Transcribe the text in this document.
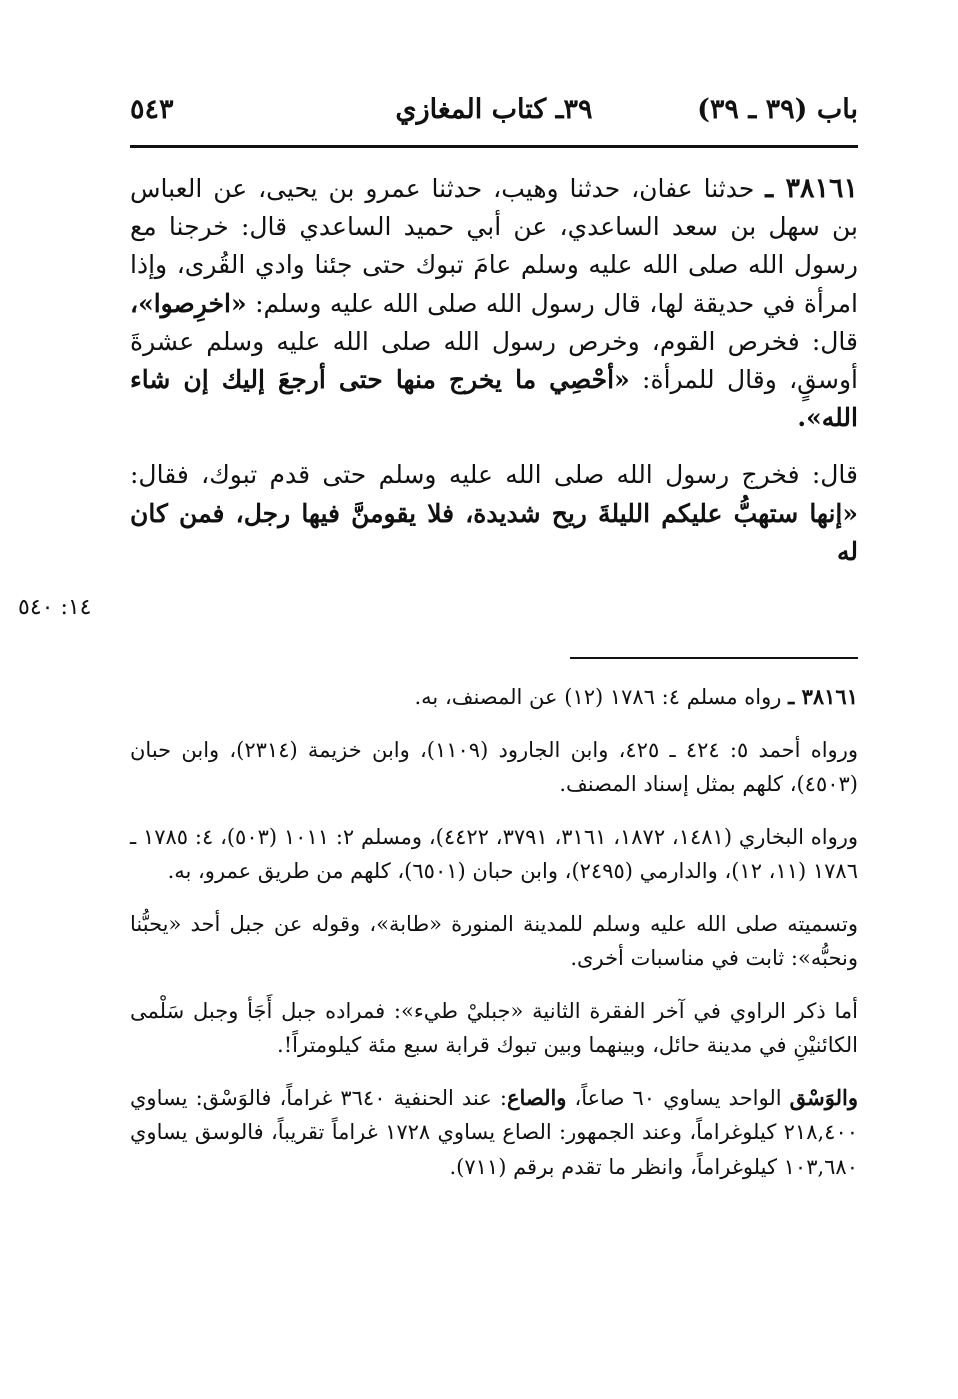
باب (٣٩ ـ ٣٩)
٣٩ـ كتاب المغازي
٥٤٣

٣٨١٦١ ـ حدثنا عفان، حدثنا وهيب، حدثنا عمرو بن يحيى، عن العباس بن سهل بن سعد الساعدي، عن أبي حميد الساعدي قال: خرجنا مع رسول الله صلى الله عليه وسلم عامَ تبوك حتى جئنا وادي القُرى، وإذا امرأة في حديقة لها، قال رسول الله صلى الله عليه وسلم: «اخرِصوا»، قال: فخرص القوم، وخرص رسول الله صلى الله عليه وسلم عشرةَ أوسقٍ، وقال للمرأة: «أحْصِي ما يخرج منها حتى أرجعَ إليك إن شاء الله».

قال: فخرج رسول الله صلى الله عليه وسلم حتى قدم تبوك، فقال: «إنها ستهبُّ عليكم الليلةَ ريح شديدة، فلا يقومنَّ فيها رجل، فمن كان له

١٤: ٥٤٠

٣٨١٦١ ـ رواه مسلم ٤: ١٧٨٦ (١٢) عن المصنف، به.

ورواه أحمد ٥: ٤٢٤ ـ ٤٢٥، وابن الجارود (١١٠٩)، وابن خزيمة (٢٣١٤)، وابن حبان (٤٥٠٣)، كلهم بمثل إسناد المصنف.

ورواه البخاري (١٤٨١، ١٨٧٢، ٣١٦١، ٣٧٩١، ٤٤٢٢)، ومسلم ٢: ١٠١١ (٥٠٣)، ٤: ١٧٨٥ ـ ١٧٨٦ (١١، ١٢)، والدارمي (٢٤٩٥)، وابن حبان (٦٥٠١)، كلهم من طريق عمرو، به.

وتسميته صلى الله عليه وسلم للمدينة المنورة «طابة»، وقوله عن جبل أحد «يحبُّنا ونحبُّه»: ثابت في مناسبات أخرى.

أما ذكر الراوي في آخر الفقرة الثانية «جبليْ طيء»: فمراده جبل أَجَأ وجبل سَلْمى الكائنيْنِ في مدينة حائل، وبينهما وبين تبوك قرابة سبع مئة كيلومتراً!.

والوَسْق الواحد يساوي ٦٠ صاعاً، والصاع: عند الحنفية ٣٦٤٠ غراماً، فالوَسْق: يساوي ٢١٨,٤٠٠ كيلوغراماً، وعند الجمهور: الصاع يساوي ١٧٢٨ غراماً تقريباً، فالوسق يساوي ١٠٣,٦٨٠ كيلوغراماً، وانظر ما تقدم برقم (٧١١).
